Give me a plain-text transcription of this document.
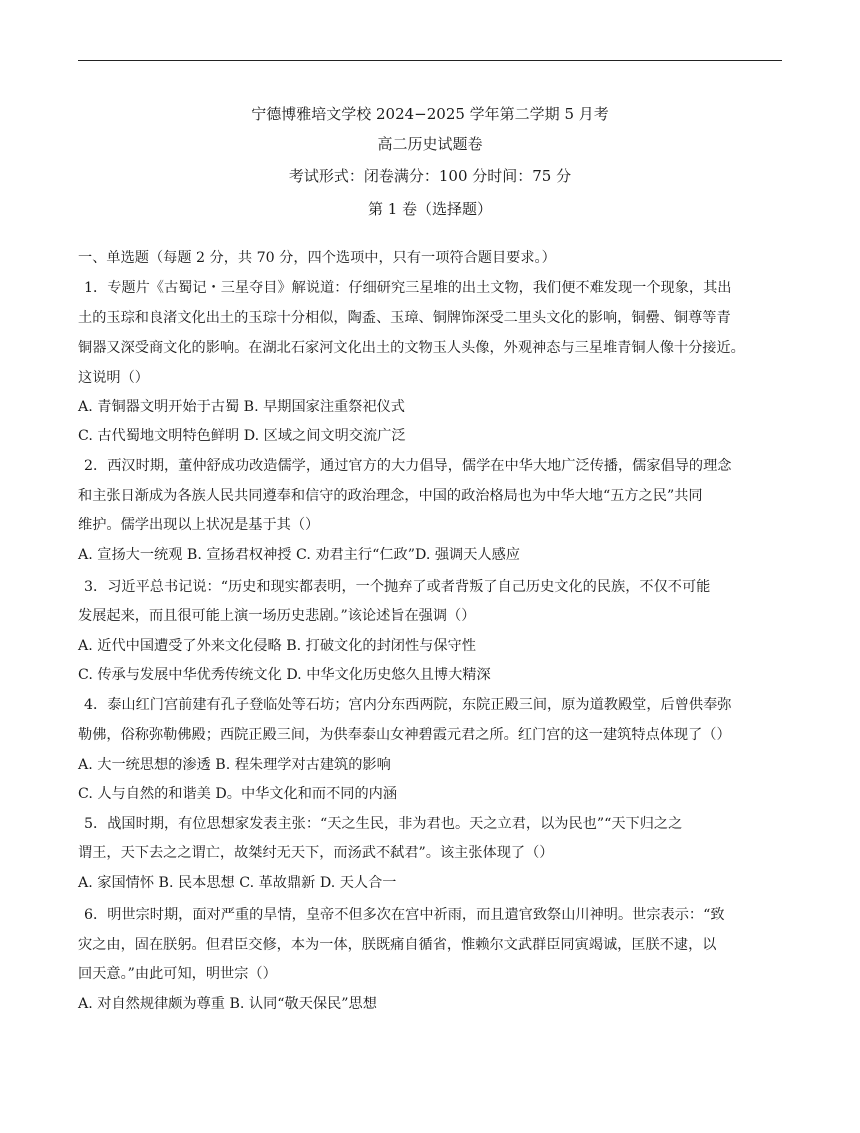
宁德博雅培文学校 2024−2025 学年第二学期 5 月考
高二历史试题卷
考试形式：闭卷满分：100 分时间：75 分
第 1 卷（选择题）
一、单选题（每题 2 分，共 70 分，四个选项中，只有一项符合题目要求。）
1．专题片《古蜀记・三星夺目》解说道：仔细研究三星堆的出土文物，我们便不难发现一个现象，其出
土的玉琮和良渚文化出土的玉琮十分相似，陶盉、玉璋、铜牌饰深受二里头文化的影响，铜罍、铜尊等青
铜器又深受商文化的影响。在湖北石家河文化出土的文物玉人头像，外观神态与三星堆青铜人像十分接近。
这说明（）
A. 青铜器文明开始于古蜀 B. 早期国家注重祭祀仪式
C. 古代蜀地文明特色鲜明 D. 区域之间文明交流广泛
2．西汉时期，董仲舒成功改造儒学，通过官方的大力倡导，儒学在中华大地广泛传播，儒家倡导的理念
和主张日渐成为各族人民共同遵奉和信守的政治理念，中国的政治格局也为中华大地“五方之民”共同
维护。儒学出现以上状况是基于其（）
A. 宣扬大一统观 B. 宣扬君权神授 C. 劝君主行“仁政”D. 强调天人感应
3．习近平总书记说：“历史和现实都表明，一个抛弃了或者背叛了自己历史文化的民族，不仅不可能
发展起来，而且很可能上演一场历史悲剧。”该论述旨在强调（）
A. 近代中国遭受了外来文化侵略 B. 打破文化的封闭性与保守性
C. 传承与发展中华优秀传统文化 D. 中华文化历史悠久且博大精深
4．泰山红门宫前建有孔子登临处等石坊；宫内分东西两院，东院正殿三间，原为道教殿堂，后曾供奉弥
勒佛，俗称弥勒佛殿；西院正殿三间，为供奉泰山女神碧霞元君之所。红门宫的这一建筑特点体现了（）
A. 大一统思想的渗透 B. 程朱理学对古建筑的影响
C. 人与自然的和谐美 D。中华文化和而不同的内涵
5．战国时期，有位思想家发表主张：“天之生民，非为君也。天之立君，以为民也”“天下归之之
谓王，天下去之之谓亡，故桀纣无天下，而汤武不弑君”。该主张体现了（）
A. 家国情怀 B. 民本思想 C. 革故鼎新 D. 天人合一
6．明世宗时期，面对严重的旱情，皇帝不但多次在宫中祈雨，而且遣官致祭山川神明。世宗表示：“致
灾之由，固在朕躬。但君臣交修，本为一体，朕既痛自循省，惟赖尔文武群臣同寅竭诚，匡朕不逮，以
回天意。”由此可知，明世宗（）
A. 对自然规律颇为尊重 B. 认同“敬天保民”思想
